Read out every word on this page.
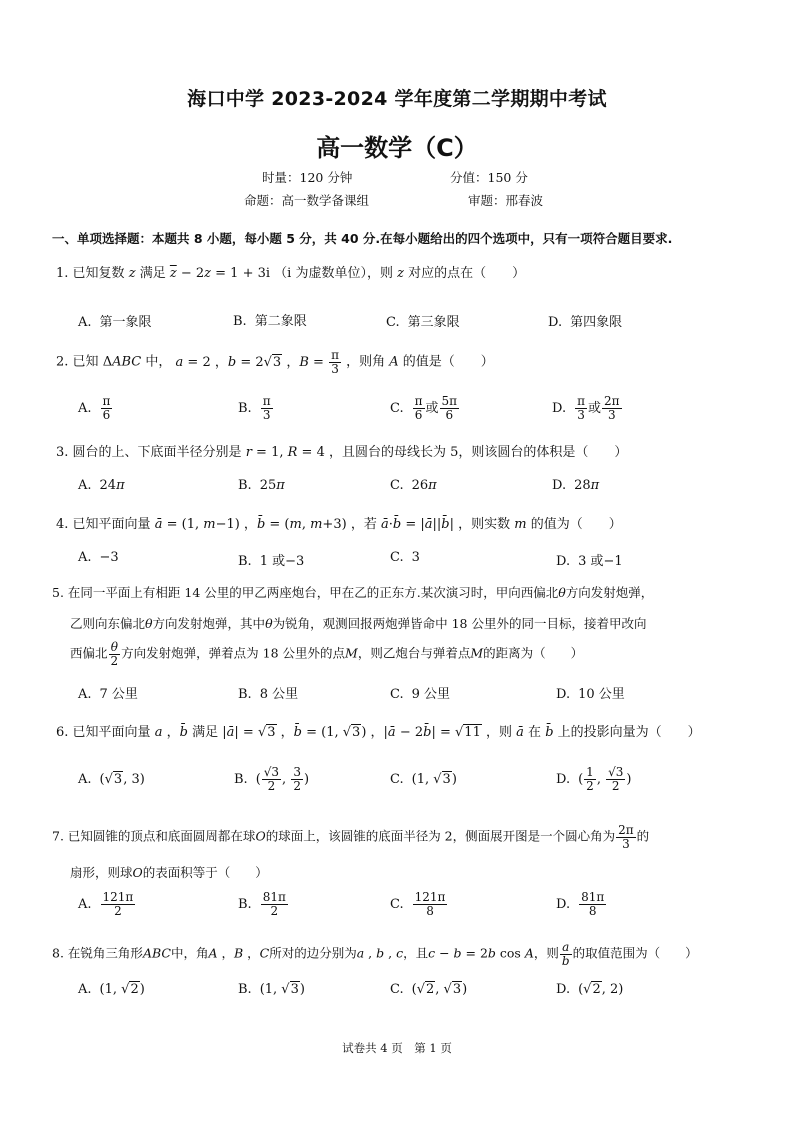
海口中学 2023-2024 学年度第二学期期中考试
高一数学（C）
时量：120 分钟	分值：150 分
命题：高一数学备课组	审题：邢春波
一、单项选择题：本题共 8 小题，每小题 5 分，共 40 分.在每小题给出的四个选项中，只有一项符合题目要求.
1. 已知复数 z 满足 $\overline{z} - 2z = 1 + 3i$ （i 为虚数单位），则 z 对应的点在（　　）
A. 第一象限	B. 第二象限	C. 第三象限	D. 第四象限
2. 已知 ΔABC 中， a = 2 ，b = 2√3 ，$B = \frac{\pi}{3}$ ，则角 A 的值是（　　）
A. $\frac{\pi}{6}$	B. $\frac{\pi}{3}$	C. $\frac{\pi}{6}$ 或 $\frac{5\pi}{6}$	D. $\frac{\pi}{3}$ 或 $\frac{2\pi}{3}$
3. 圆台的上、下底面半径分别是 r = 1, R = 4 ，且圆台的母线长为 5，则该圆台的体积是（　　）
A. 24π	B. 25π	C. 26π	D. 28π
4. 已知平面向量 ā = (1, m−1) ，b̄ = (m, m+3) ，若 ā·b̄ = |ā||b̄| ，则实数 m 的值为（　　）
A. −3	B. 1 或−3	C. 3	D. 3 或−1
5. 在同一平面上有相距 14 公里的甲乙两座炮台，甲在乙的正东方.某次演习时，甲向西偏北θ方向发射炮弹，
乙则向东偏北θ方向发射炮弹，其中θ为锐角，观测回报两炮弹皆命中 18 公里外的同一目标，接着甲改向
西偏北 $\frac{\theta}{2}$ 方向发射炮弹，弹着点为 18 公里外的点M，则乙炮台与弹着点M的距离为（　　）
A. 7 公里	B. 8 公里	C. 9 公里	D. 10 公里
6. 已知平面向量 a ，b̄ 满足 |ā| = √3 ，b̄ = (1, √3) ，|ā − 2b̄| = √11 ，则 ā 在 b̄ 上的投影向量为（　　）
A. (√3, 3)	B. ( $\frac{√3}{2}$ , $\frac{3}{2}$ )	C. (1, √3)	D. ( $\frac{1}{2}$ , $\frac{√3}{2}$ )
7. 已知圆锥的顶点和底面圆周都在球O的球面上，该圆锥的底面半径为 2，侧面展开图是一个圆心角为 $\frac{2\pi}{3}$ 的
扇形，则球O的表面积等于（　　）
A. $\frac{121\pi}{2}$	B. $\frac{81\pi}{2}$	C. $\frac{121\pi}{8}$	D. $\frac{81\pi}{8}$
8. 在锐角三角形ABC中，角A ，B ，C所对的边分别为a , b , c，且c − b = 2b cos A，则 $\frac{a}{b}$ 的取值范围为（　　）
A. (1, √2)	B. (1, √3)	C. (√2, √3)	D. (√2, 2)
试卷共 4 页　第 1 页
